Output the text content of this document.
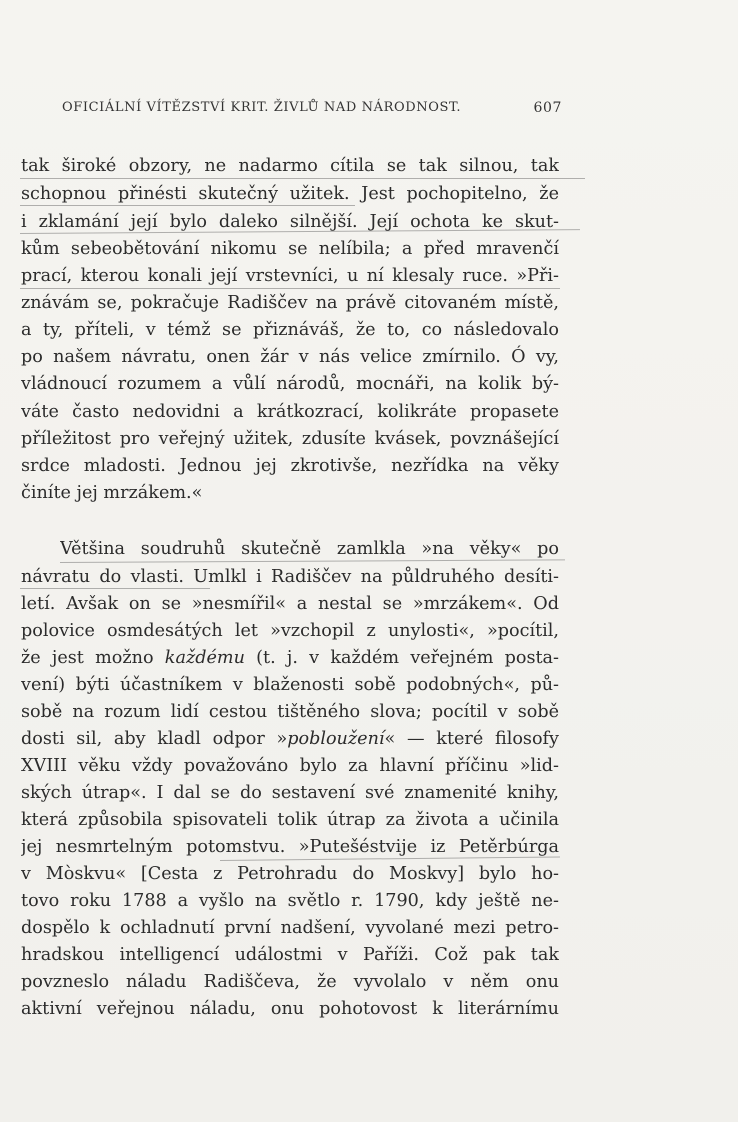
OFICIÁLNÍ VÍTĚZSTVÍ KRIT. ŽIVLŮ NAD NÁRODNOST.	607
tak široké obzory, ne nadarmo cítila se tak silnou, tak
schopnou přinésti skutečný užitek. Jest pochopitelno, že
i zklamání její bylo daleko silnější. Její ochota ke skut-
kům sebeobětování nikomu se nelíbila; a před mravenčí
prací, kterou konali její vrstevníci, u ní klesaly ruce. »Při-
znávám se, pokračuje Radiščev na právě citovaném místě,
a ty, příteli, v témž se přiznáváš, že to, co následovalo
po našem návratu, onen žár v nás velice zmírnilo. Ó vy,
vládnoucí rozumem a vůlí národů, mocnáři, na kolik bý-
váte často nedovidni a krátkozrací, kolikráte propasete
příležitost pro veřejný užitek, zdusíte kvásek, povznášející
srdce mladosti. Jednou jej zkrotivše, nezřídka na věky
činíte jej mrzákem.«
Většina soudruhů skutečně zamlkla »na věky« po
návratu do vlasti. Umlkl i Radiščev na půldruhého desíti-
letí. Avšak on se »nesmířil« a nestal se »mrzákem«. Od
polovice osmdesátých let »vzchopil z unylosti«, »pocítil,
že jest možno každému (t. j. v každém veřejném posta-
vení) býti účastníkem v blaženosti sobě podobných«, pů-
sobě na rozum lidí cestou tištěného slova; pocítil v sobě
dosti sil, aby kladl odpor »pobloužení« — které filosofy
XVIII věku vždy považováno bylo za hlavní příčinu »lid-
ských útrap«. I dal se do sestavení své znamenité knihy,
která způsobila spisovateli tolik útrap za života a učinila
jej nesmrtelným potomstvu. »Putešéstvije iz Petěrbúrga
v Mòskvu« [Cesta z Petrohradu do Moskvy] bylo ho-
tovo roku 1788 a vyšlo na světlo r. 1790, kdy ještě ne-
dospělo k ochladnutí první nadšení, vyvolané mezi petro-
hradskou intelligencí událostmi v Paříži. Což pak tak
povzneslo náladu Radiščeva, že vyvolalo v něm onu
aktivní veřejnou náladu, onu pohotovost k literárnímu
